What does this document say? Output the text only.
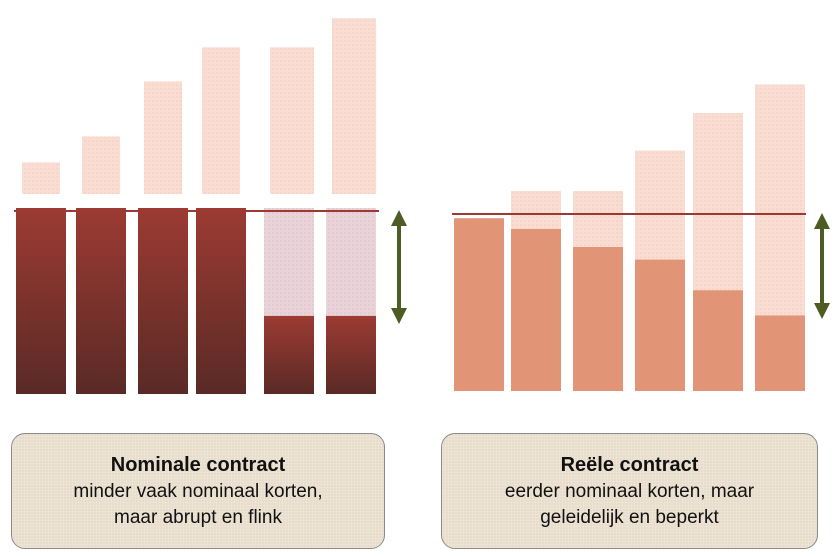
Nominale contract
minder vaak nominaal korten,
maar abrupt en flink
Reële contract
eerder nominaal korten, maar
geleidelijk en beperkt
